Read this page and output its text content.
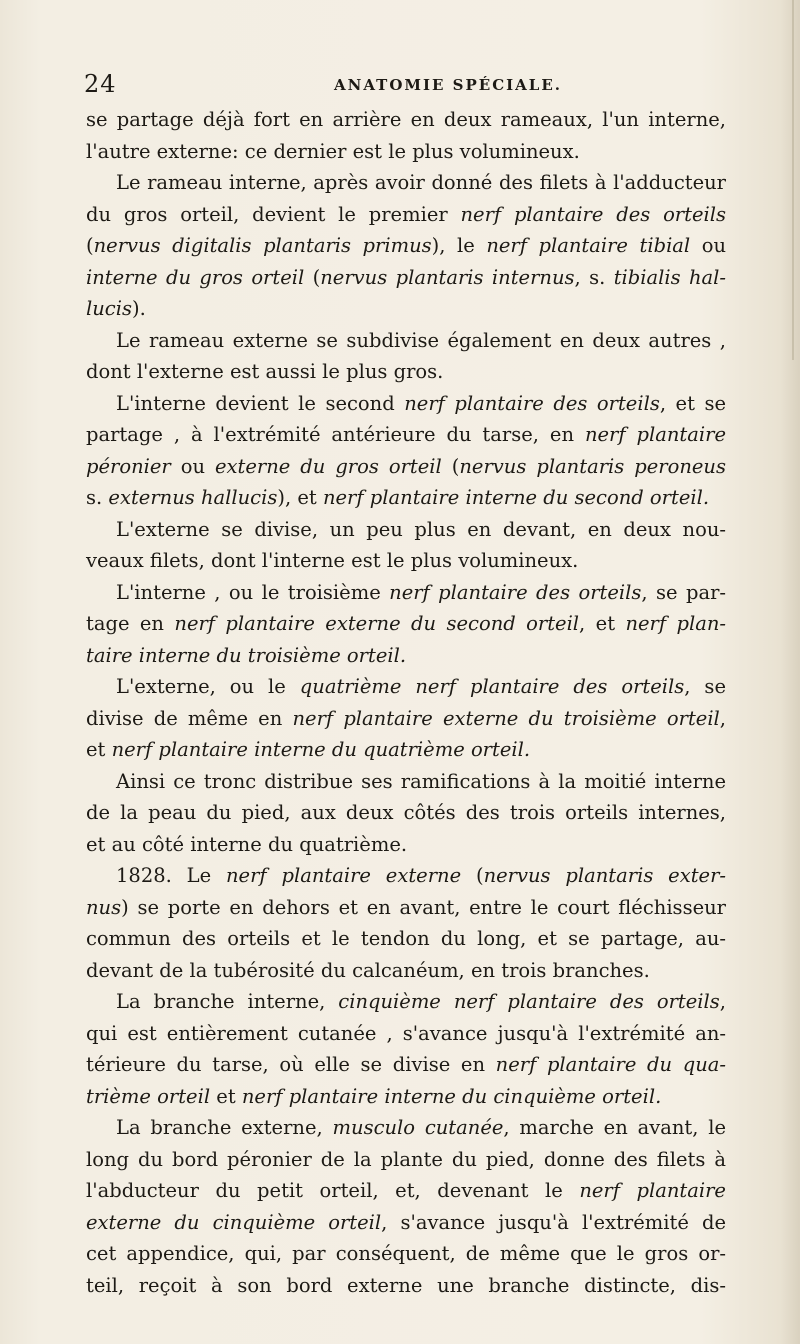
24	ANATOMIE SPÉCIALE.
se partage déjà fort en arrière en deux rameaux, l'un interne,
l'autre externe: ce dernier est le plus volumineux.
Le rameau interne, après avoir donné des filets à l'adducteur
du gros orteil, devient le premier nerf plantaire des orteils
(nervus digitalis plantaris primus), le nerf plantaire tibial ou
interne du gros orteil (nervus plantaris internus, s. tibialis hal-
lucis).
Le rameau externe se subdivise également en deux autres ,
dont l'externe est aussi le plus gros.
L'interne devient le second nerf plantaire des orteils, et se
partage , à l'extrémité antérieure du tarse, en nerf plantaire
péronier ou externe du gros orteil (nervus plantaris peroneus
s. externus hallucis), et nerf plantaire interne du second orteil.
L'externe se divise, un peu plus en devant, en deux nou-
veaux filets, dont l'interne est le plus volumineux.
L'interne , ou le troisième nerf plantaire des orteils, se par-
tage en nerf plantaire externe du second orteil, et nerf plan-
taire interne du troisième orteil.
L'externe, ou le quatrième nerf plantaire des orteils, se
divise de même en nerf plantaire externe du troisième orteil,
et nerf plantaire interne du quatrième orteil.
Ainsi ce tronc distribue ses ramifications à la moitié interne
de la peau du pied, aux deux côtés des trois orteils internes,
et au côté interne du quatrième.
1828. Le nerf plantaire externe (nervus plantaris exter-
nus) se porte en dehors et en avant, entre le court fléchisseur
commun des orteils et le tendon du long, et se partage, au-
devant de la tubérosité du calcanéum, en trois branches.
La branche interne, cinquième nerf plantaire des orteils,
qui est entièrement cutanée , s'avance jusqu'à l'extrémité an-
térieure du tarse, où elle se divise en nerf plantaire du qua-
trième orteil et nerf plantaire interne du cinquième orteil.
La branche externe, musculo cutanée, marche en avant, le
long du bord péronier de la plante du pied, donne des filets à
l'abducteur du petit orteil, et, devenant le nerf plantaire
externe du cinquième orteil, s'avance jusqu'à l'extrémité de
cet appendice, qui, par conséquent, de même que le gros or-
teil, reçoit à son bord externe une branche distincte, dis-
